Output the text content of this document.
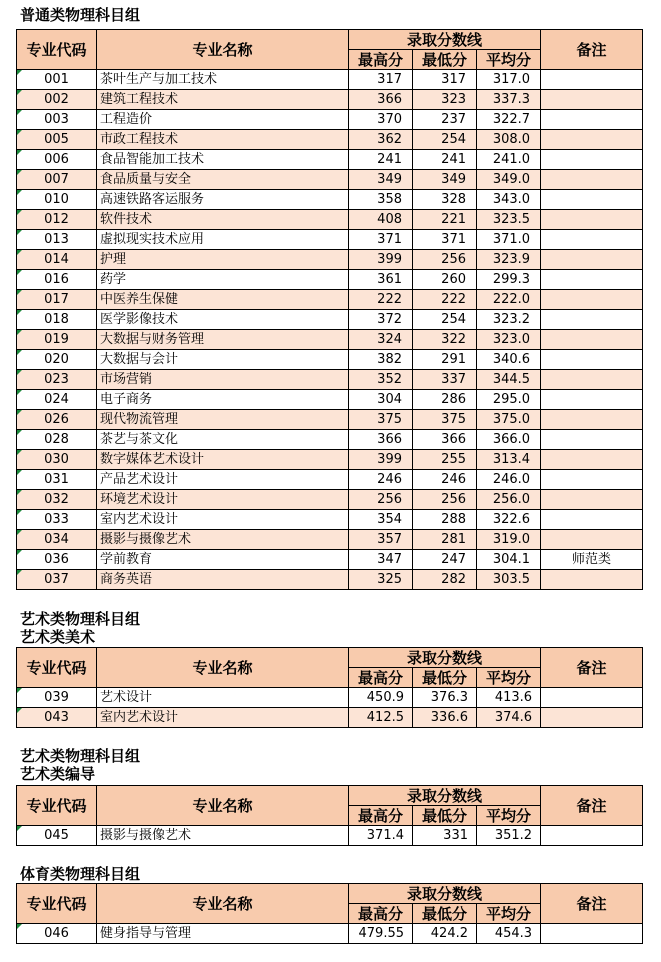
普通类物理科目组
专业代码	专业名称	录取分数线			备注
		最高分	最低分	平均分	
001	茶叶生产与加工技术	317	317	317.0	
002	建筑工程技术	366	323	337.3	
003	工程造价	370	237	322.7	
005	市政工程技术	362	254	308.0	
006	食品智能加工技术	241	241	241.0	
007	食品质量与安全	349	349	349.0	
010	高速铁路客运服务	358	328	343.0	
012	软件技术	408	221	323.5	
013	虚拟现实技术应用	371	371	371.0	
014	护理	399	256	323.9	
016	药学	361	260	299.3	
017	中医养生保健	222	222	222.0	
018	医学影像技术	372	254	323.2	
019	大数据与财务管理	324	322	323.0	
020	大数据与会计	382	291	340.6	
023	市场营销	352	337	344.5	
024	电子商务	304	286	295.0	
026	现代物流管理	375	375	375.0	
028	茶艺与茶文化	366	366	366.0	
030	数字媒体艺术设计	399	255	313.4	
031	产品艺术设计	246	246	246.0	
032	环境艺术设计	256	256	256.0	
033	室内艺术设计	354	288	322.6	
034	摄影与摄像艺术	357	281	319.0	
036	学前教育	347	247	304.1	师范类
037	商务英语	325	282	303.5	
艺术类物理科目组
艺术类美术
专业代码	专业名称	录取分数线			备注
		最高分	最低分	平均分	
039	艺术设计	450.9	376.3	413.6	
043	室内艺术设计	412.5	336.6	374.6	
艺术类物理科目组
艺术类编导
专业代码	专业名称	录取分数线			备注
		最高分	最低分	平均分	
045	摄影与摄像艺术	371.4	331	351.2	
体育类物理科目组
专业代码	专业名称	录取分数线			备注
		最高分	最低分	平均分	
046	健身指导与管理	479.55	424.2	454.3	
